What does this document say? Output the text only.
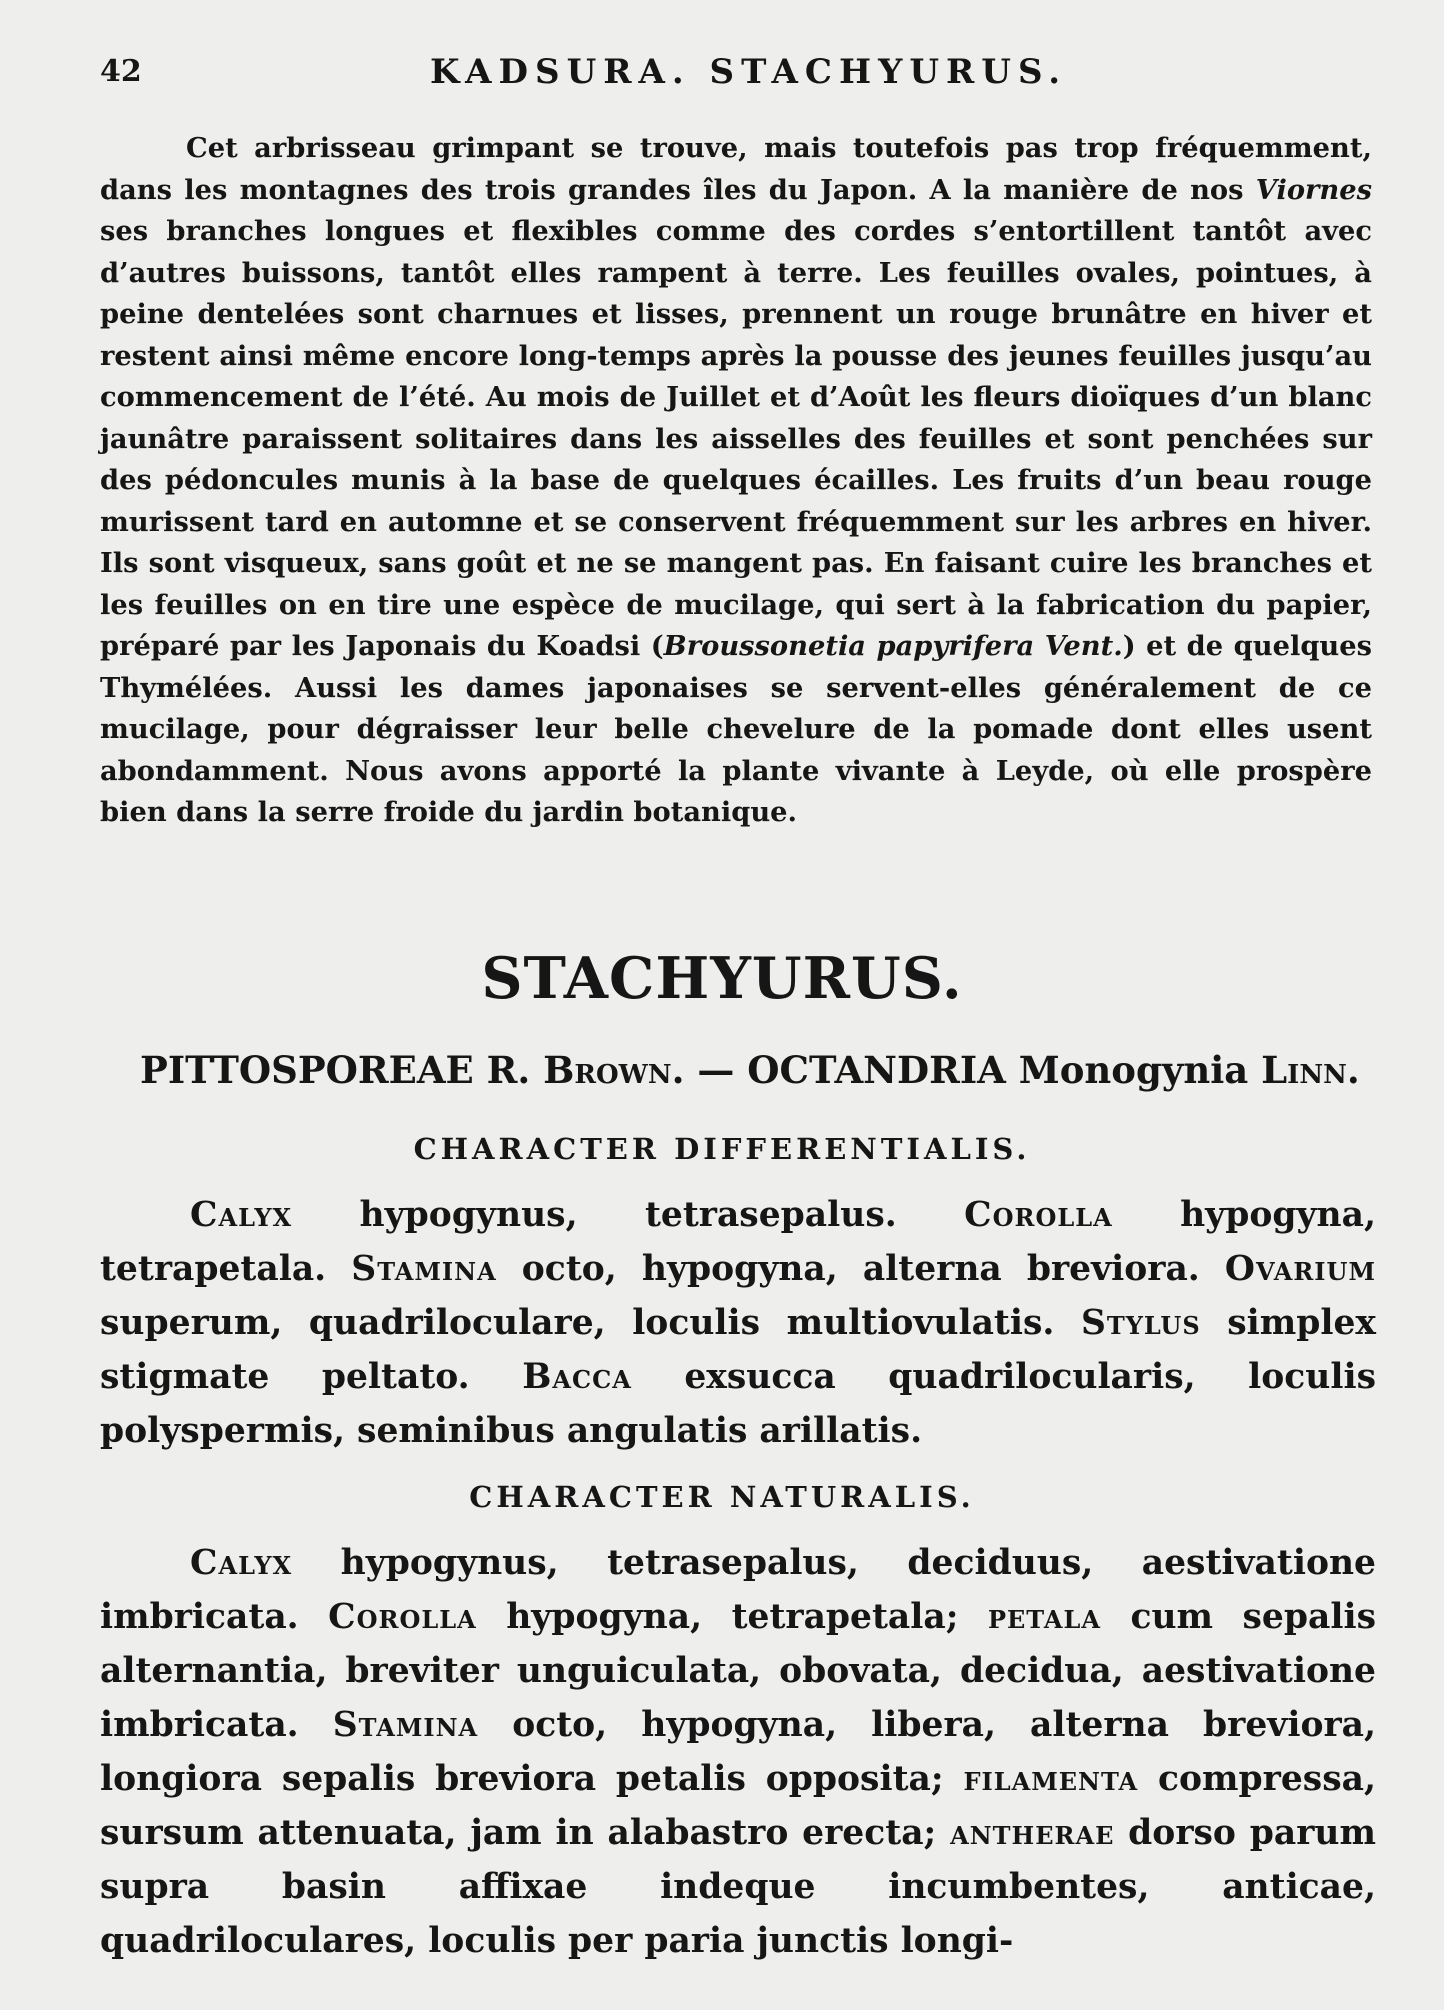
42	KADSURA. STACHYURUS.

Cet arbrisseau grimpant se trouve, mais toutefois pas trop fréquemment, dans les montagnes des trois grandes îles du Japon. A la manière de nos Viornes ses branches longues et flexibles comme des cordes s’entortillent tantôt avec d’autres buissons, tantôt elles rampent à terre. Les feuilles ovales, pointues, à peine dentelées sont charnues et lisses, prennent un rouge brunâtre en hiver et restent ainsi même encore long-temps après la pousse des jeunes feuilles jusqu’au commencement de l’été. Au mois de Juillet et d’Août les fleurs dioïques d’un blanc jaunâtre paraissent solitaires dans les aisselles des feuilles et sont penchées sur des pédoncules munis à la base de quelques écailles. Les fruits d’un beau rouge murissent tard en automne et se conservent fréquemment sur les arbres en hiver. Ils sont visqueux, sans goût et ne se mangent pas. En faisant cuire les branches et les feuilles on en tire une espèce de mucilage, qui sert à la fabrication du papier, préparé par les Japonais du Koadsi (Broussonetia papyrifera Vent.) et de quelques Thymélées. Aussi les dames japonaises se servent-elles généralement de ce mucilage, pour dégraisser leur belle chevelure de la pomade dont elles usent abondamment. Nous avons apporté la plante vivante à Leyde, où elle prospère bien dans la serre froide du jardin botanique.

STACHYURUS.
PITTOSPOREAE R. Brown. — OCTANDRIA Monogynia Linn.
CHARACTER DIFFERENTIALIS.

Calyx hypogynus, tetrasepalus. Corolla hypogyna, tetrapetala. Stamina octo, hypogyna, alterna breviora. Ovarium superum, quadriloculare, loculis multiovulatis. Stylus simplex stigmate peltato. Bacca exsucca quadrilocularis, loculis polyspermis, seminibus angulatis arillatis.

CHARACTER NATURALIS.

Calyx hypogynus, tetrasepalus, deciduus, aestivatione imbricata. Corolla hypogyna, tetrapetala; petala cum sepalis alternantia, breviter unguiculata, obovata, decidua, aestivatione imbricata. Stamina octo, hypogyna, libera, alterna breviora, longiora sepalis breviora petalis opposita; filamenta compressa, sursum attenuata, jam in alabastro erecta; antherae dorso parum supra basin affixae indeque incumbentes, anticae, quadriloculares, loculis per paria junctis longi-
